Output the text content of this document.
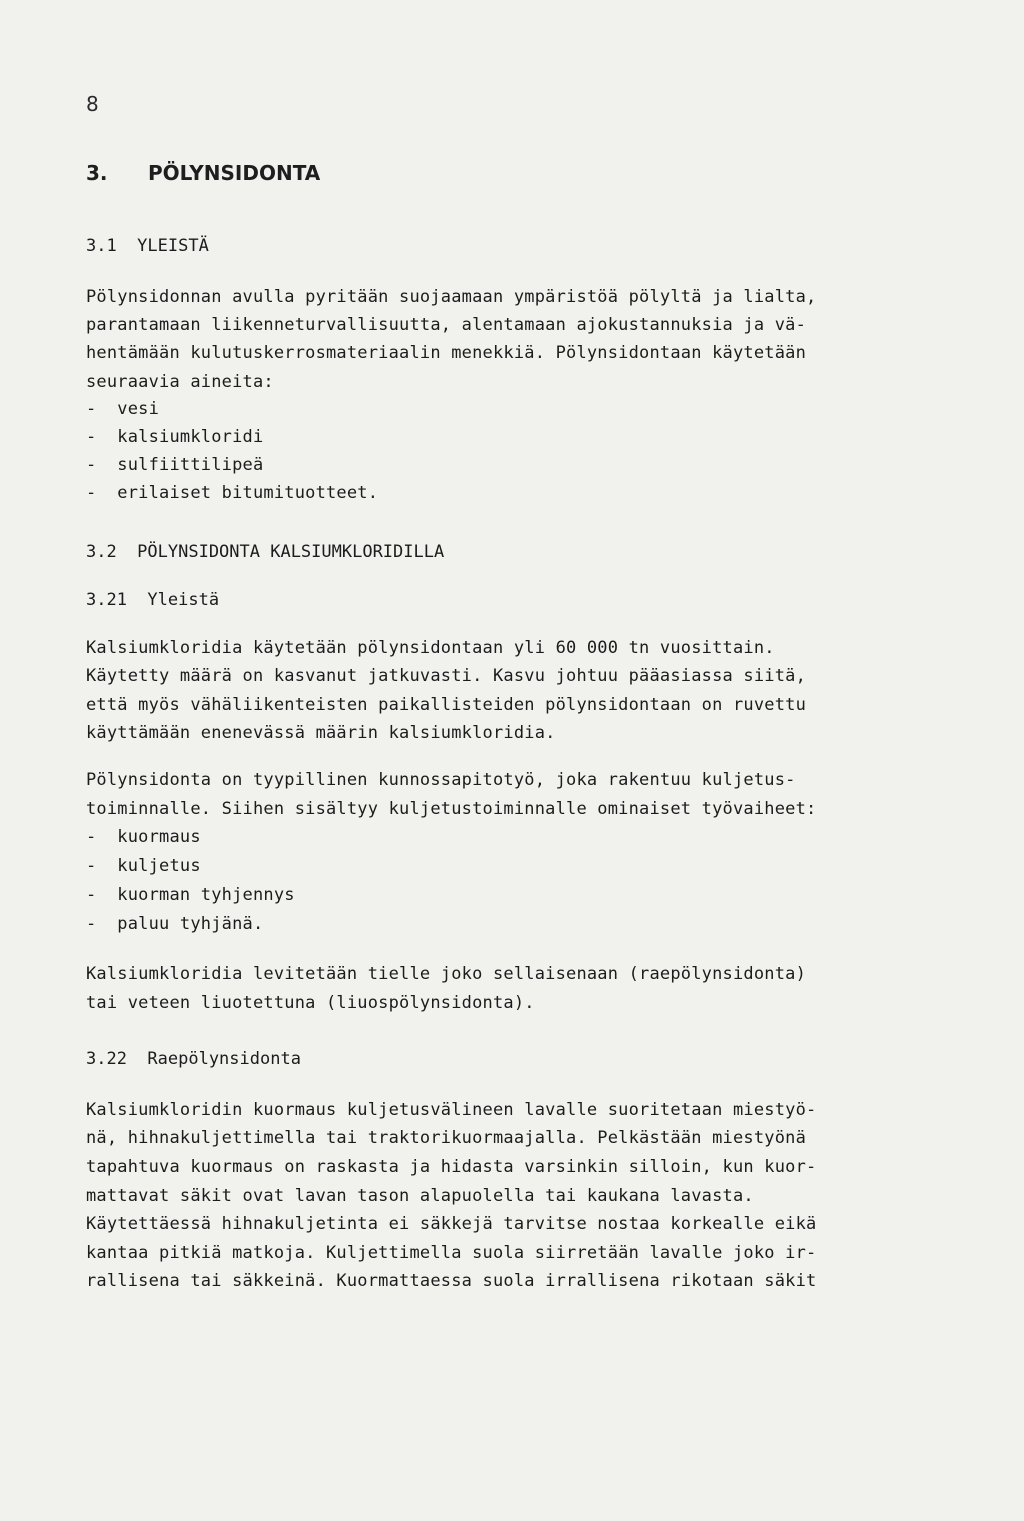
8
3. PÖLYNSIDONTA
3.1  YLEISTÄ
Pölynsidonnan avulla pyritään suojaamaan ympäristöä pölyltä ja lialta,
parantamaan liikenneturvallisuutta, alentamaan ajokustannuksia ja vä-
hentämään kulutuskerrosmateriaalin menekkiä. Pölynsidontaan käytetään
seuraavia aineita:
-  vesi
-  kalsiumkloridi
-  sulfiittilipeä
-  erilaiset bitumituotteet.
3.2  PÖLYNSIDONTA KALSIUMKLORIDILLA
3.21  Yleistä
Kalsiumkloridia käytetään pölynsidontaan yli 60 000 tn vuosittain.
Käytetty määrä on kasvanut jatkuvasti. Kasvu johtuu pääasiassa siitä,
että myös vähäliikenteisten paikallisteiden pölynsidontaan on ruvettu
käyttämään enenevässä määrin kalsiumkloridia.
Pölynsidonta on tyypillinen kunnossapitotyö, joka rakentuu kuljetus-
toiminnalle. Siihen sisältyy kuljetustoiminnalle ominaiset työvaiheet:
-  kuormaus
-  kuljetus
-  kuorman tyhjennys
-  paluu tyhjänä.
Kalsiumkloridia levitetään tielle joko sellaisenaan (raepölynsidonta)
tai veteen liuotettuna (liuospölynsidonta).
3.22  Raepölynsidonta
Kalsiumkloridin kuormaus kuljetusvälineen lavalle suoritetaan miestyö-
nä, hihnakuljettimella tai traktorikuormaajalla. Pelkästään miestyönä
tapahtuva kuormaus on raskasta ja hidasta varsinkin silloin, kun kuor-
mattavat säkit ovat lavan tason alapuolella tai kaukana lavasta.
Käytettäessä hihnakuljetinta ei säkkejä tarvitse nostaa korkealle eikä
kantaa pitkiä matkoja. Kuljettimella suola siirretään lavalle joko ir-
rallisena tai säkkeinä. Kuormattaessa suola irrallisena rikotaan säkit
